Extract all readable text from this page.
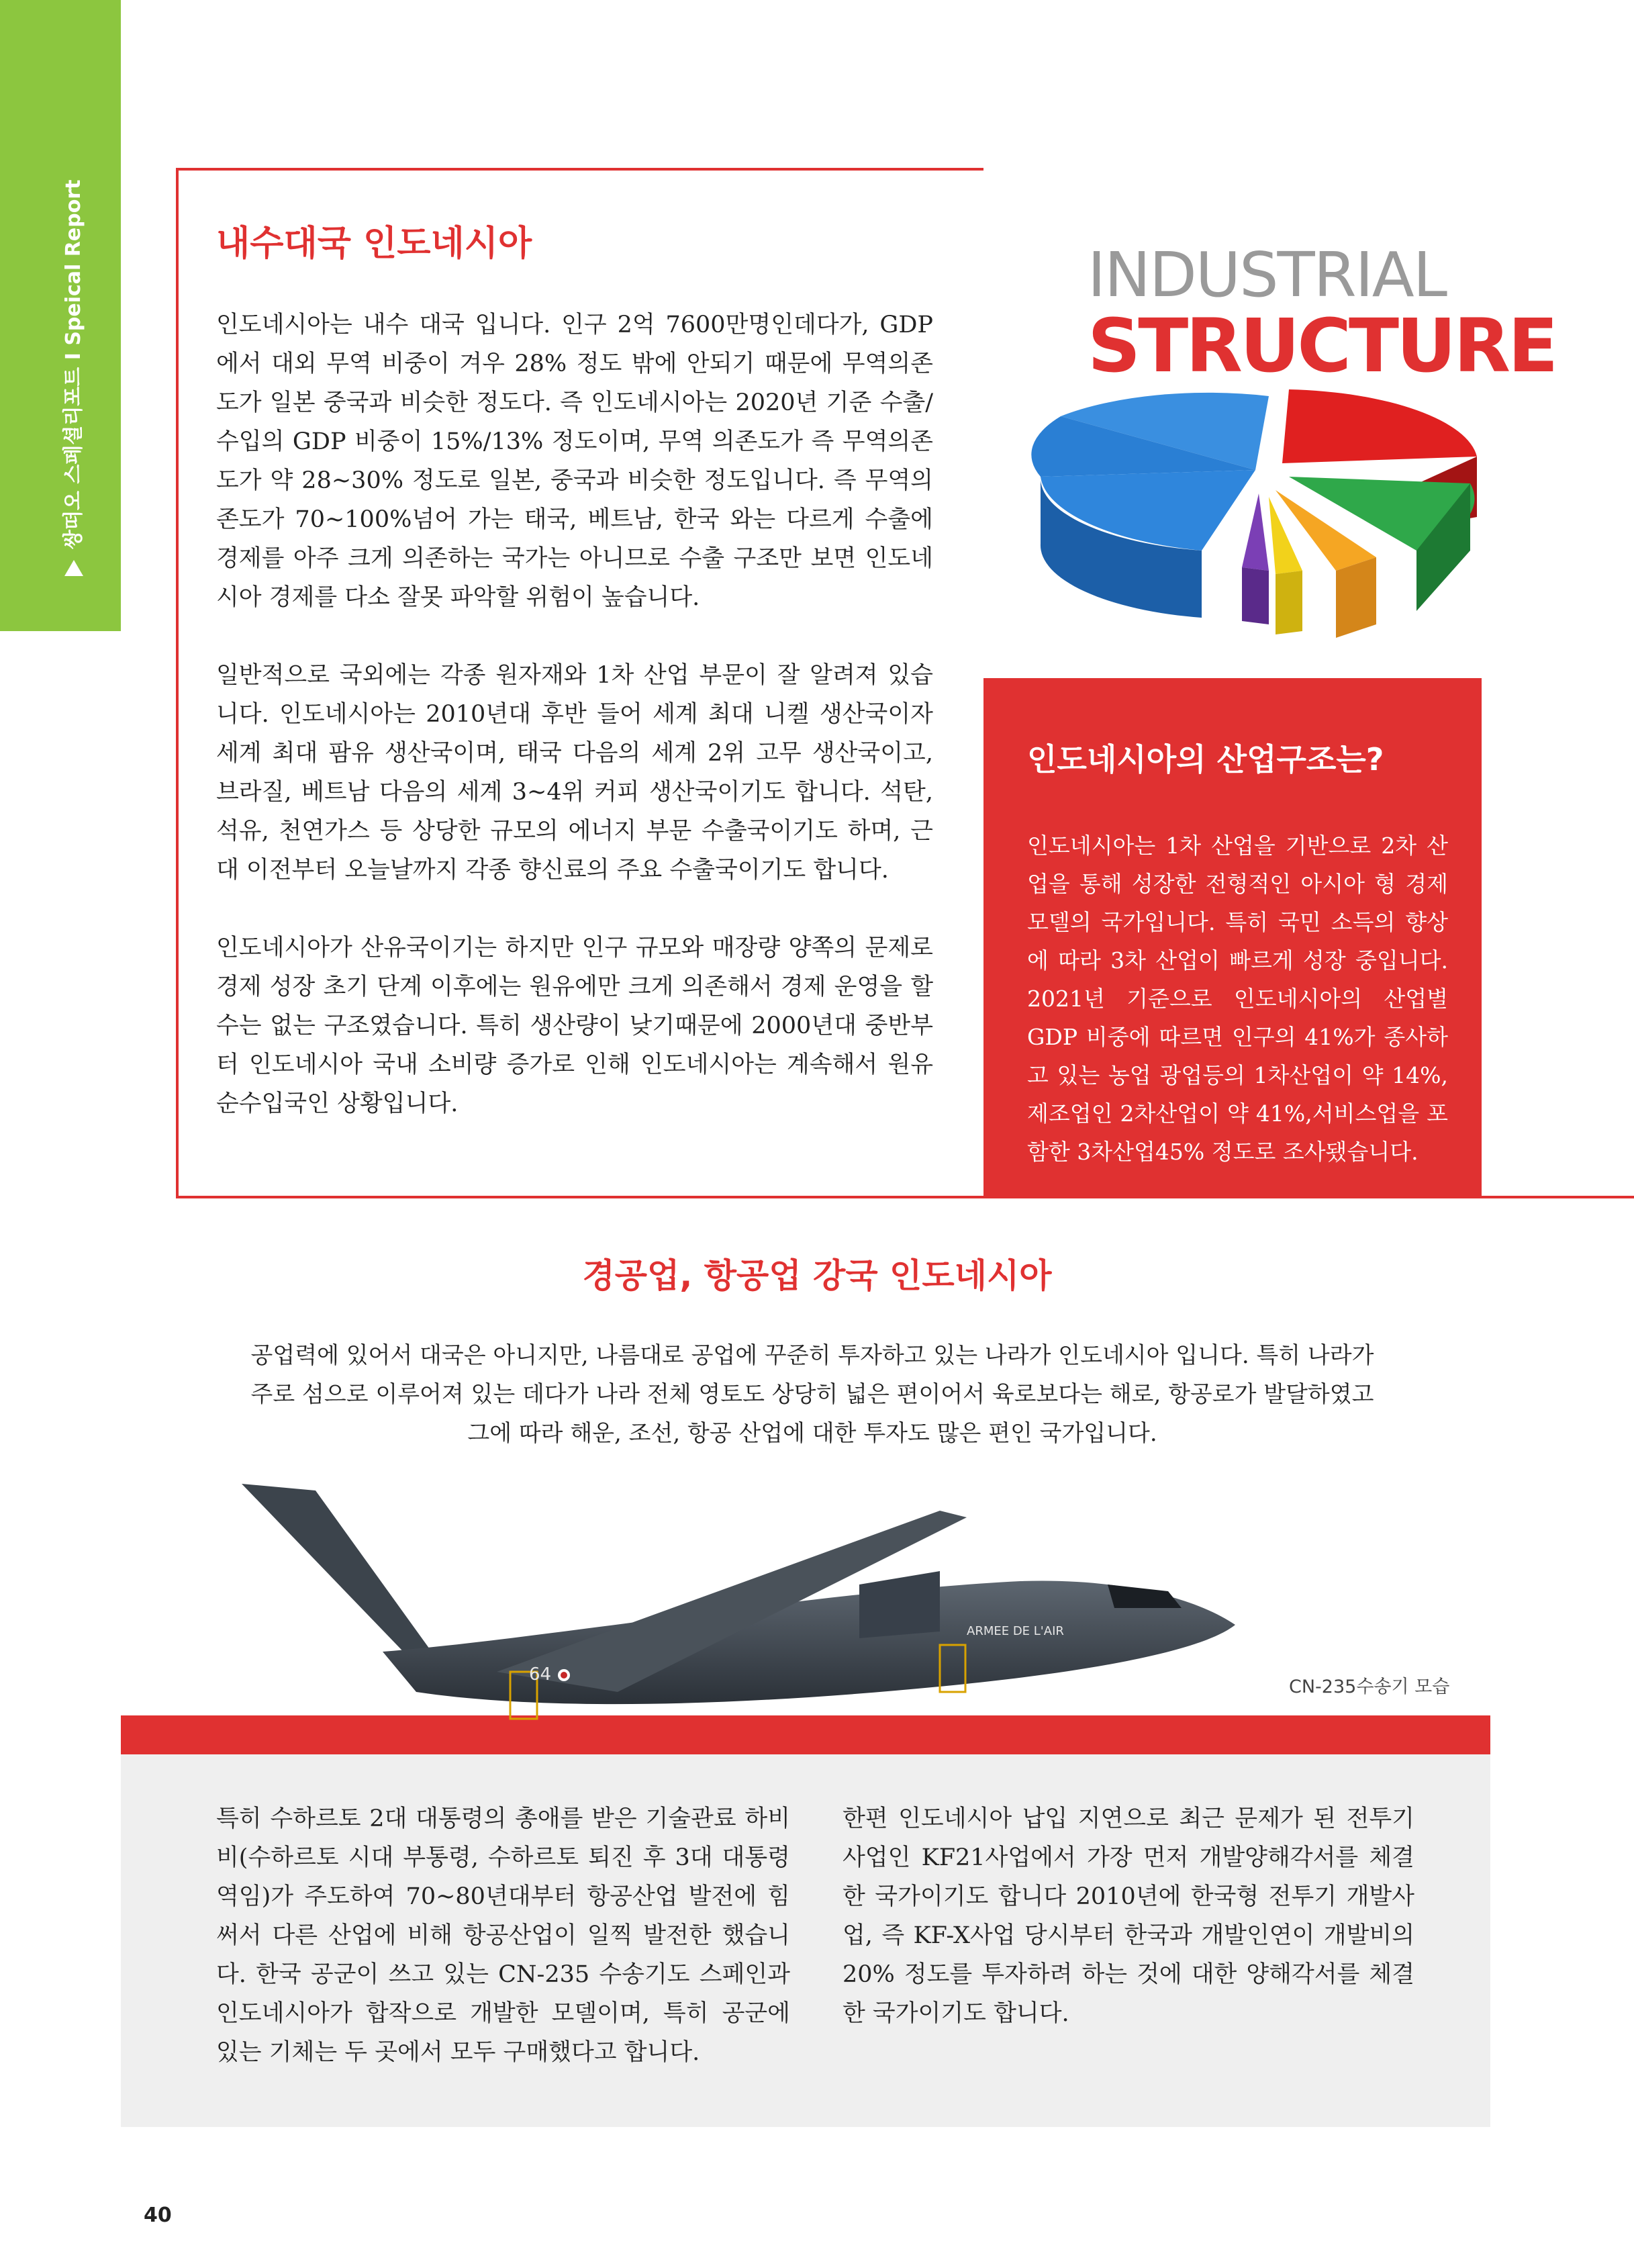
쌍떠오 스페셜리포트 I Speical Report	내수대국 인도네시아

인도네시아는 내수 대국 입니다. 인구 2억 7600만명인데다가, GDP에서 대외 무역 비중이 겨우 28% 정도 밖에 안되기 때문에 무역의존도가 일본 중국과 비슷한 정도다. 즉 인도네시아는 2020년 기준 수출/수입의 GDP 비중이 15%/13% 정도이며, 무역 의존도가 즉 무역의존도가 약 28~30% 정도로 일본, 중국과 비슷한 정도입니다. 즉 무역의존도가 70~100%넘어 가는 태국, 베트남, 한국 와는 다르게 수출에 경제를 아주 크게 의존하는 국가는 아니므로 수출 구조만 보면 인도네시아 경제를 다소 잘못 파악할 위험이 높습니다.

일반적으로 국외에는 각종 원자재와 1차 산업 부문이 잘 알려져 있습니다. 인도네시아는 2010년대 후반 들어 세계 최대 니켈 생산국이자 세계 최대 팜유 생산국이며, 태국 다음의 세계 2위 고무 생산국이고, 브라질, 베트남 다음의 세계 3~4위 커피 생산국이기도 합니다. 석탄, 석유, 천연가스 등 상당한 규모의 에너지 부문 수출국이기도 하며, 근대 이전부터 오늘날까지 각종 향신료의 주요 수출국이기도 합니다.

인도네시아가 산유국이기는 하지만 인구 규모와 매장량 양쪽의 문제로 경제 성장 초기 단계 이후에는 원유에만 크게 의존해서 경제 운영을 할 수는 없는 구조였습니다. 특히 생산량이 낮기때문에 2000년대 중반부터 인도네시아 국내 소비량 증가로 인해 인도네시아는 계속해서 원유 순수입국인 상황입니다.

INDUSTRIAL
STRUCTURE
인도네시아의 산업구조는?
인도네시아는 1차 산업을 기반으로 2차 산업을 통해 성장한 전형적인 아시아 형 경제 모델의 국가입니다. 특히 국민 소득의 향상에 따라 3차 산업이 빠르게 성장 중입니다. 2021년 기준으로 인도네시아의 산업별 GDP 비중에 따르면 인구의 41%가 종사하고 있는 농업 광업등의 1차산업이 약 14%, 제조업인 2차산업이 약 41%,서비스업을 포함한 3차산업45% 정도로 조사됐습니다.
경공업, 항공업 강국 인도네시아

공업력에 있어서 대국은 아니지만, 나름대로 공업에 꾸준히 투자하고 있는 나라가 인도네시아 입니다. 특히 나라가 주로 섬으로 이루어져 있는 데다가 나라 전체 영토도 상당히 넓은 편이어서 육로보다는 해로, 항공로가 발달하였고 그에 따라 해운, 조선, 항공 산업에 대한 투자도 많은 편인 국가입니다.

ARMEE DE L'AIR
64
CN-235수송기 모습
특히 수하르토 2대 대통령의 총애를 받은 기술관료 하비비(수하르토 시대 부통령, 수하르토 퇴진 후 3대 대통령 역임)가 주도하여 70~80년대부터 항공산업 발전에 힘써서 다른 산업에 비해 항공산업이 일찍 발전한 했습니다. 한국 공군이 쓰고 있는 CN-235 수송기도 스페인과 인도네시아가 합작으로 개발한 모델이며, 특히 공군에 있는 기체는 두 곳에서 모두 구매했다고 합니다.
한편 인도네시아 납입 지연으로 최근 문제가 된 전투기 사업인 KF21사업에서 가장 먼저 개발양해각서를 체결한 국가이기도 합니다 2010년에 한국형 전투기 개발사업, 즉 KF-X사업 당시부터 한국과 개발인연이 개발비의 20% 정도를 투자하려 하는 것에 대한 양해각서를 체결한 국가이기도 합니다.
40
